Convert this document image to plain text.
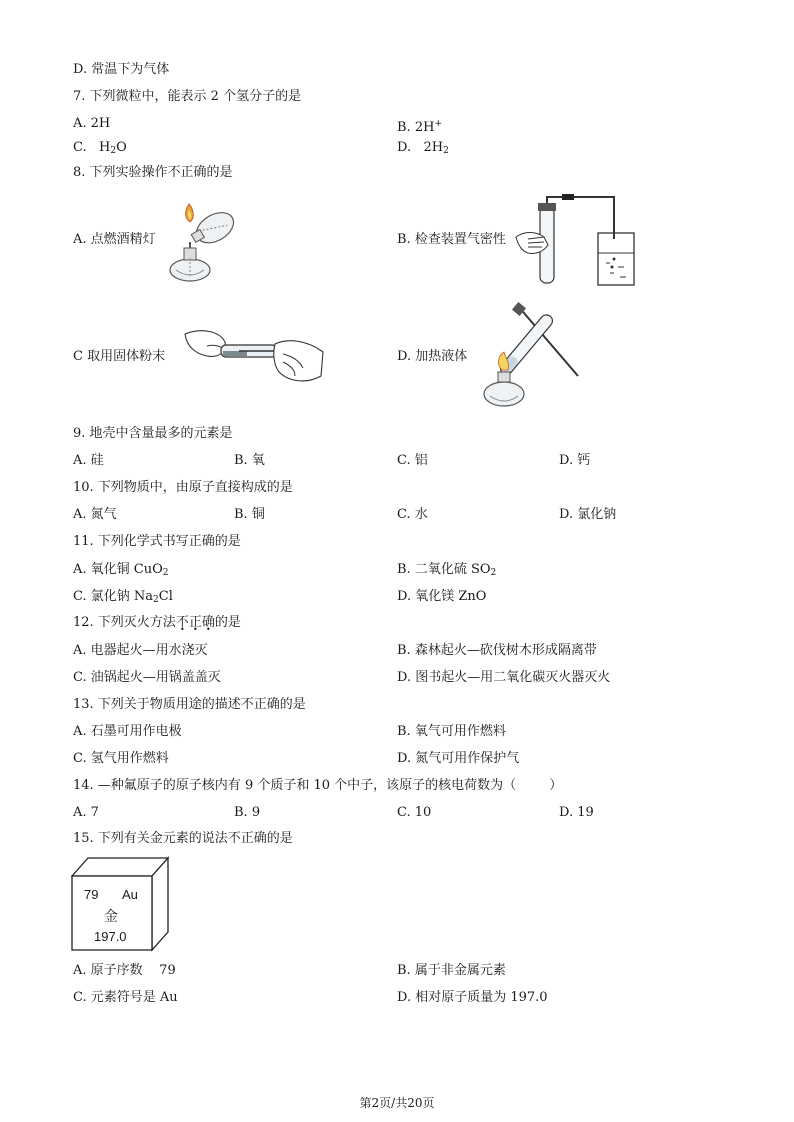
D. 常温下为气体
7. 下列微粒中，能表示 2 个氢分子的是
A. 2H	B. 2H+
C.   $H_2O$	D.   $2H_2$
8. 下列实验操作不正确的是
A. 点燃酒精灯	B. 检查装置气密性
C 取用固体粉末	D. 加热液体
9. 地壳中含量最多的元素是
A. 硅	B. 氧	C. 铝	D. 钙
10. 下列物质中，由原子直接构成的是
A. 氮气	B. 铜	C. 水	D. 氯化钠
11. 下列化学式书写正确的是
A. 氧化铜 CuO$_2$	B. 二氧化硫 $SO_2$
C. 氯化钠 $Na_2Cl$	D. 氧化镁 ZnO
12. 下列灭火方法不正确的是
A. 电器起火—用水浇灭	B. 森林起火—砍伐树木形成隔离带
C. 油锅起火—用锅盖盖灭	D. 图书起火—用二氧化碳灭火器灭火
13. 下列关于物质用途的描述不正确的是
A. 石墨可用作电极	B. 氧气可用作燃料
C. 氢气用作燃料	D. 氮气可用作保护气
14. —种氟原子的原子核内有 9 个质子和 10 个中子，该原子的核电荷数为（        ）
A. 7	B. 9	C. 10	D. 19
15. 下列有关金元素的说法不正确的是
79 Au
金
197.0
A. 原子序数    79	B. 属于非金属元素
C. 元素符号是 Au	D. 相对原子质量为 197.0
第2页/共20页
